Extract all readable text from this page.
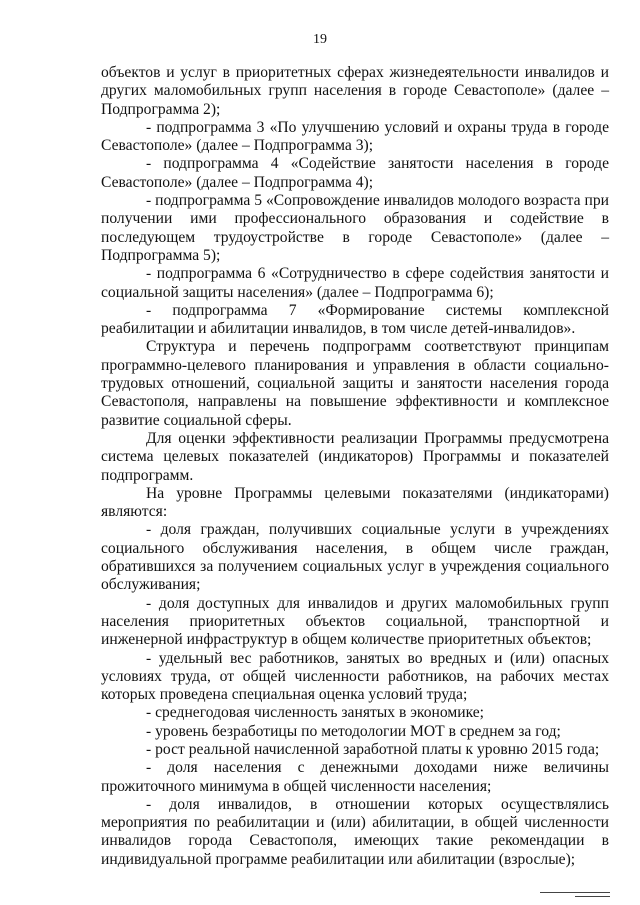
19

объектов и услуг в приоритетных сферах жизнедеятельности инвалидов и других маломобильных групп населения в городе Севастополе» (далее – Подпрограмма 2);

- подпрограмма 3 «По улучшению условий и охраны труда в городе Севастополе» (далее – Подпрограмма 3);

- подпрограмма 4 «Содействие занятости населения в городе Севастополе» (далее – Подпрограмма 4);

- подпрограмма 5 «Сопровождение инвалидов молодого возраста при получении ими профессионального образования и содействие в последующем трудоустройстве в городе Севастополе» (далее – Подпрограмма 5);

- подпрограмма 6 «Сотрудничество в сфере содействия занятости и социальной защиты населения» (далее – Подпрограмма 6);

- подпрограмма 7 «Формирование системы комплексной реабилитации и абилитации инвалидов, в том числе детей-инвалидов».

Структура и перечень подпрограмм соответствуют принципам программно-целевого планирования и управления в области социально-трудовых отношений, социальной защиты и занятости населения города Севастополя, направлены на повышение эффективности и комплексное развитие социальной сферы.

Для оценки эффективности реализации Программы предусмотрена система целевых показателей (индикаторов) Программы и показателей подпрограмм.

На уровне Программы целевыми показателями (индикаторами) являются:

- доля граждан, получивших социальные услуги в учреждениях социального обслуживания населения, в общем числе граждан, обратившихся за получением социальных услуг в учреждения социального обслуживания;

- доля доступных для инвалидов и других маломобильных групп населения приоритетных объектов социальной, транспортной и инженерной инфраструктур в общем количестве приоритетных объектов;

- удельный вес работников, занятых во вредных и (или) опасных условиях труда, от общей численности работников, на рабочих местах которых проведена специальная оценка условий труда;

- среднегодовая численность занятых в экономике;

- уровень безработицы по методологии МОТ в среднем за год;

- рост реальной начисленной заработной платы к уровню 2015 года;

- доля населения с денежными доходами ниже величины прожиточного минимума в общей численности населения;

- доля инвалидов, в отношении которых осуществлялись мероприятия по реабилитации и (или) абилитации, в общей численности инвалидов города Севастополя, имеющих такие рекомендации в индивидуальной программе реабилитации или абилитации (взрослые);
